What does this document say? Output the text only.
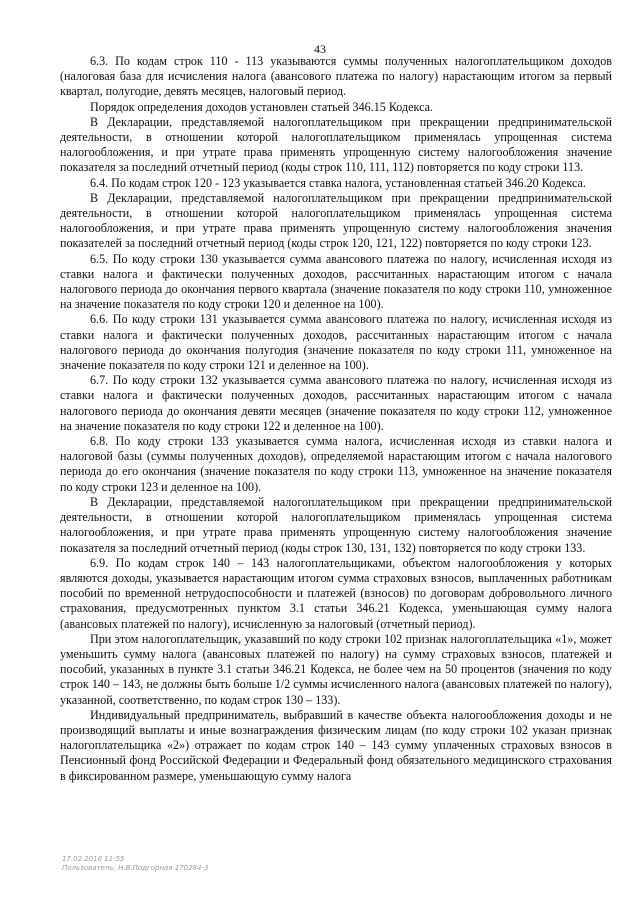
43

6.3. По кодам строк 110 - 113 указываются суммы полученных налогоплательщиком доходов (налоговая база для исчисления налога (авансового платежа по налогу) нарастающим итогом за первый квартал, полугодие, девять месяцев, налоговый период.

Порядок определения доходов установлен статьей 346.15 Кодекса.

В Декларации, представляемой налогоплательщиком при прекращении предпринимательской деятельности, в отношении которой налогоплательщиком применялась упрощенная система налогообложения, и при утрате права применять упрощенную систему налогообложения значение показателя за последний отчетный период (коды строк 110, 111, 112) повторяется по коду строки 113.

6.4. По кодам строк 120 - 123 указывается ставка налога, установленная статьей 346.20 Кодекса.

В Декларации, представляемой налогоплательщиком при прекращении предпринимательской деятельности, в отношении которой налогоплательщиком применялась упрощенная система налогообложения, и при утрате права применять упрощенную систему налогообложения значения показателей за последний отчетный период (коды строк 120, 121, 122) повторяется по коду строки 123.

6.5. По коду строки 130 указывается сумма авансового платежа по налогу, исчисленная исходя из ставки налога и фактически полученных доходов, рассчитанных нарастающим итогом с начала налогового периода до окончания первого квартала (значение показателя по коду строки 110, умноженное на значение показателя по коду строки 120 и деленное на 100).

6.6. По коду строки 131 указывается сумма авансового платежа по налогу, исчисленная исходя из ставки налога и фактически полученных доходов, рассчитанных нарастающим итогом с начала налогового периода до окончания полугодия (значение показателя по коду строки 111, умноженное на значение показателя по коду строки 121 и деленное на 100).

6.7. По коду строки 132 указывается сумма авансового платежа по налогу, исчисленная исходя из ставки налога и фактически полученных доходов, рассчитанных нарастающим итогом с начала налогового периода до окончания девяти месяцев (значение показателя по коду строки 112, умноженное на значение показателя по коду строки 122 и деленное на 100).

6.8. По коду строки 133 указывается сумма налога, исчисленная исходя из ставки налога и налоговой базы (суммы полученных доходов), определяемой нарастающим итогом с начала налогового периода до его окончания (значение показателя по коду строки 113, умноженное на значение показателя по коду строки 123 и деленное на 100).

В Декларации, представляемой налогоплательщиком при прекращении предпринимательской деятельности, в отношении которой налогоплательщиком применялась упрощенная система налогообложения, и при утрате права применять упрощенную систему налогообложения значение показателя за последний отчетный период (коды строк 130, 131, 132) повторяется по коду строки 133.

6.9. По кодам строк 140 – 143 налогоплательщиками, объектом налогообложения у которых являются доходы, указывается нарастающим итогом сумма страховых взносов, выплаченных работникам пособий по временной нетрудоспособности и платежей (взносов) по договорам добровольного личного страхования, предусмотренных пунктом 3.1 статьи 346.21 Кодекса, уменьшающая сумму налога (авансовых платежей по налогу), исчисленную за налоговый (отчетный период).

При этом налогоплательщик, указавший по коду строки 102 признак налогоплательщика «1», может уменьшить сумму налога (авансовых платежей по налогу) на сумму страховых взносов, платежей и пособий, указанных в пункте 3.1 статьи 346.21 Кодекса, не более чем на 50 процентов (значения по коду строк 140 – 143, не должны быть больше 1/2 суммы исчисленного налога (авансовых платежей по налогу), указанной, соответственно, по кодам строк 130 – 133).

Индивидуальный предприниматель, выбравший в качестве объекта налогообложения доходы и не производящий выплаты и иные вознаграждения физическим лицам (по коду строки 102 указан признак налогоплательщика «2») отражает по кодам строк 140 – 143 сумму уплаченных страховых взносов в Пенсионный фонд Российской Федерации и Федеральный фонд обязательного медицинского страхования в фиксированном размере, уменьшающую сумму налога

17.02.2016 11:55
Пользователь: Н.В.Подгорная 170284-3
